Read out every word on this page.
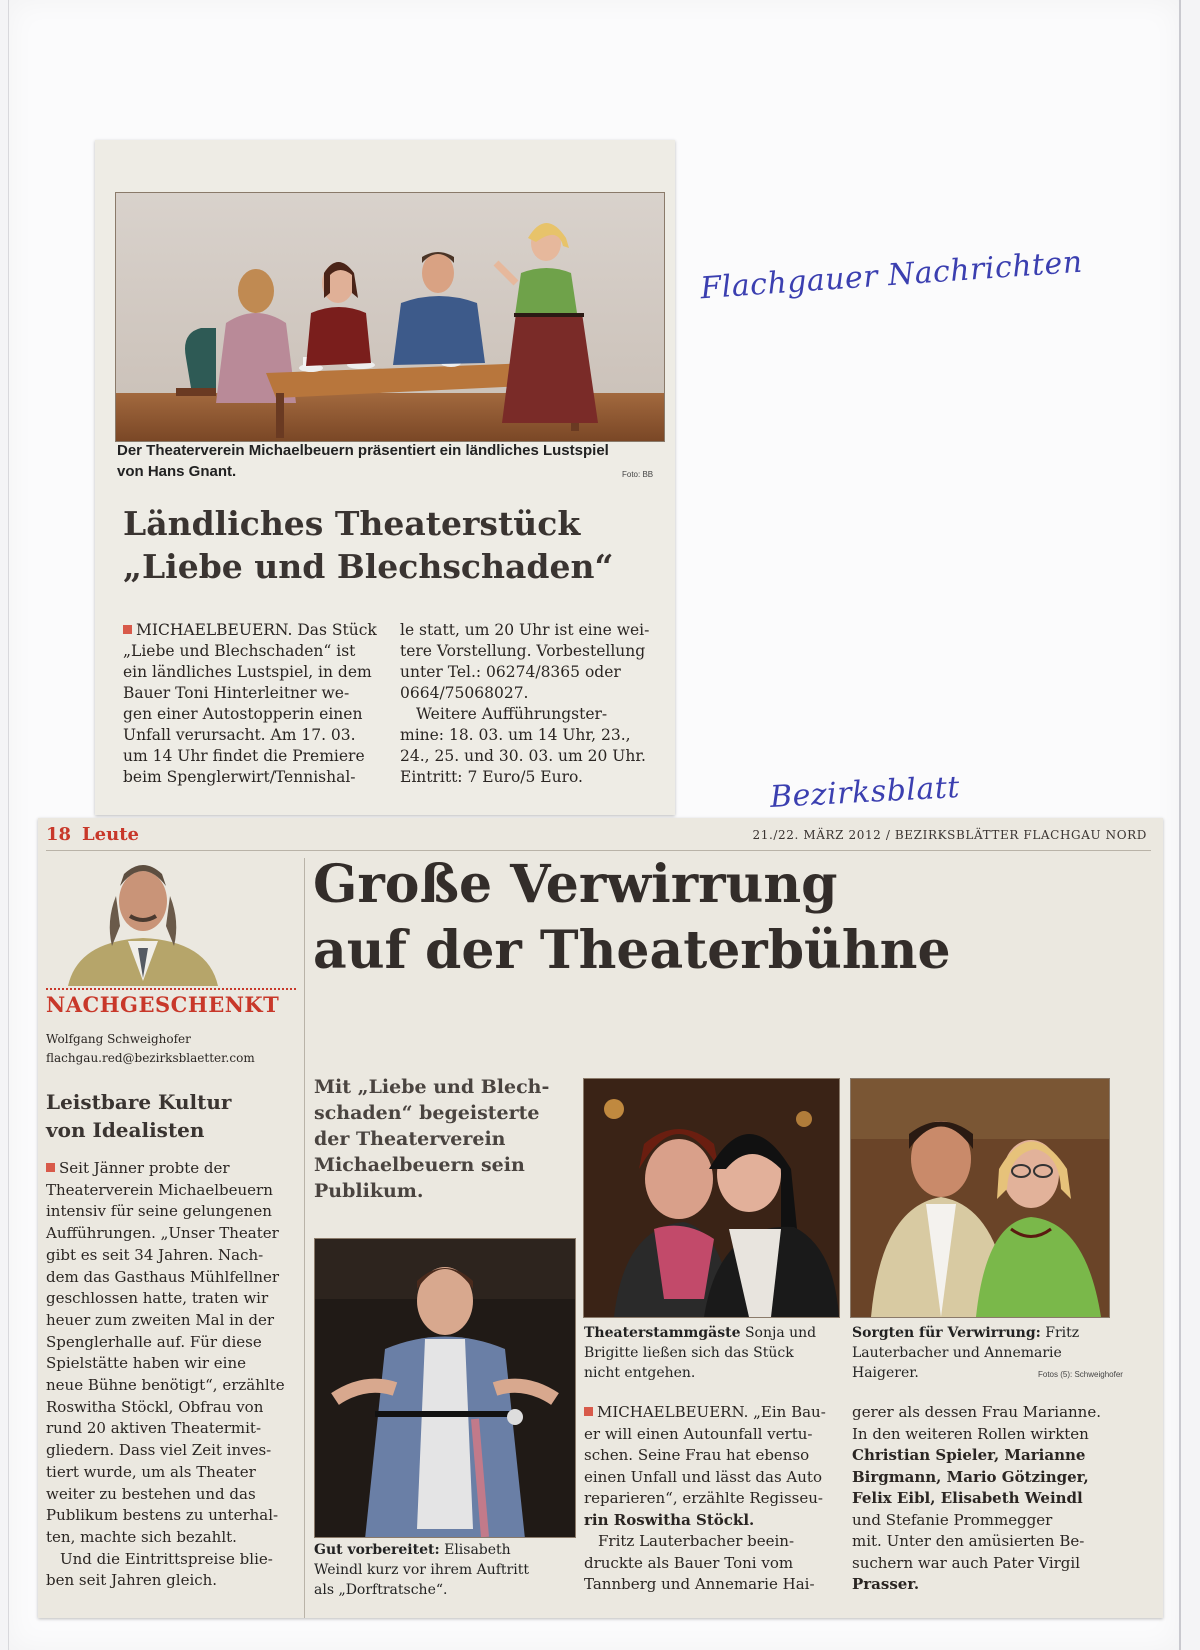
Flachgauer Nachrichten
Bezirksblatt
Der Theaterverein Michaelbeuern präsentiert ein ländliches Lustspiel von Hans Gnant.	Foto: BB
Ländliches Theaterstück
„Liebe und Blechschaden“
MICHAELBEUERN. Das Stück
„Liebe und Blechschaden“ ist
ein ländliches Lustspiel, in dem
Bauer Toni Hinterleitner we-
gen einer Autostopperin einen
Unfall verursacht. Am 17. 03.
um 14 Uhr findet die Premiere
beim Spenglerwirt/Tennishal-
le statt, um 20 Uhr ist eine wei-
tere Vorstellung. Vorbestellung
unter Tel.: 06274/8365 oder
0664/75068027.
Weitere Aufführungster-
mine: 18. 03. um 14 Uhr, 23.,
24., 25. und 30. 03. um 20 Uhr.
Eintritt: 7 Euro/5 Euro.
18 Leute	21./22. MÄRZ 2012 / BEZIRKSBLÄTTER FLACHGAU NORD
NACHGESCHENKT
Wolfgang Schweighofer
flachgau.red@bezirksblaetter.com
Leistbare Kultur
von Idealisten
Seit Jänner probte der
Theaterverein Michaelbeuern
intensiv für seine gelungenen
Aufführungen. „Unser Theater
gibt es seit 34 Jahren. Nach-
dem das Gasthaus Mühlfellner
geschlossen hatte, traten wir
heuer zum zweiten Mal in der
Spenglerhalle auf. Für diese
Spielstätte haben wir eine
neue Bühne benötigt“, erzählte
Roswitha Stöckl, Obfrau von
rund 20 aktiven Theatermit-
gliedern. Dass viel Zeit inves-
tiert wurde, um als Theater
weiter zu bestehen und das
Publikum bestens zu unterhal-
ten, machte sich bezahlt.
Und die Eintrittspreise blie-
ben seit Jahren gleich.
Große Verwirrung
auf der Theaterbühne
Mit „Liebe und Blech-
schaden“ begeisterte
der Theaterverein
Michaelbeuern sein
Publikum.
Gut vorbereitet: Elisabeth
Weindl kurz vor ihrem Auftritt
als „Dorftratsche“.
Theaterstammgäste Sonja und
Brigitte ließen sich das Stück
nicht entgehen.
Sorgten für Verwirrung: Fritz
Lauterbacher und Annemarie
Haigerer.	Fotos (5): Schweighofer
MICHAELBEUERN. „Ein Bau-
er will einen Autounfall vertu-
schen. Seine Frau hat ebenso
einen Unfall und lässt das Auto
reparieren“, erzählte Regisseu-
rin Roswitha Stöckl.
Fritz Lauterbacher beein-
druckte als Bauer Toni vom
Tannberg und Annemarie Hai-
gerer als dessen Frau Marianne.
In den weiteren Rollen wirkten
Christian Spieler, Marianne
Birgmann, Mario Götzinger,
Felix Eibl, Elisabeth Weindl
und Stefanie Prommegger
mit. Unter den amüsierten Be-
suchern war auch Pater Virgil
Prasser.
